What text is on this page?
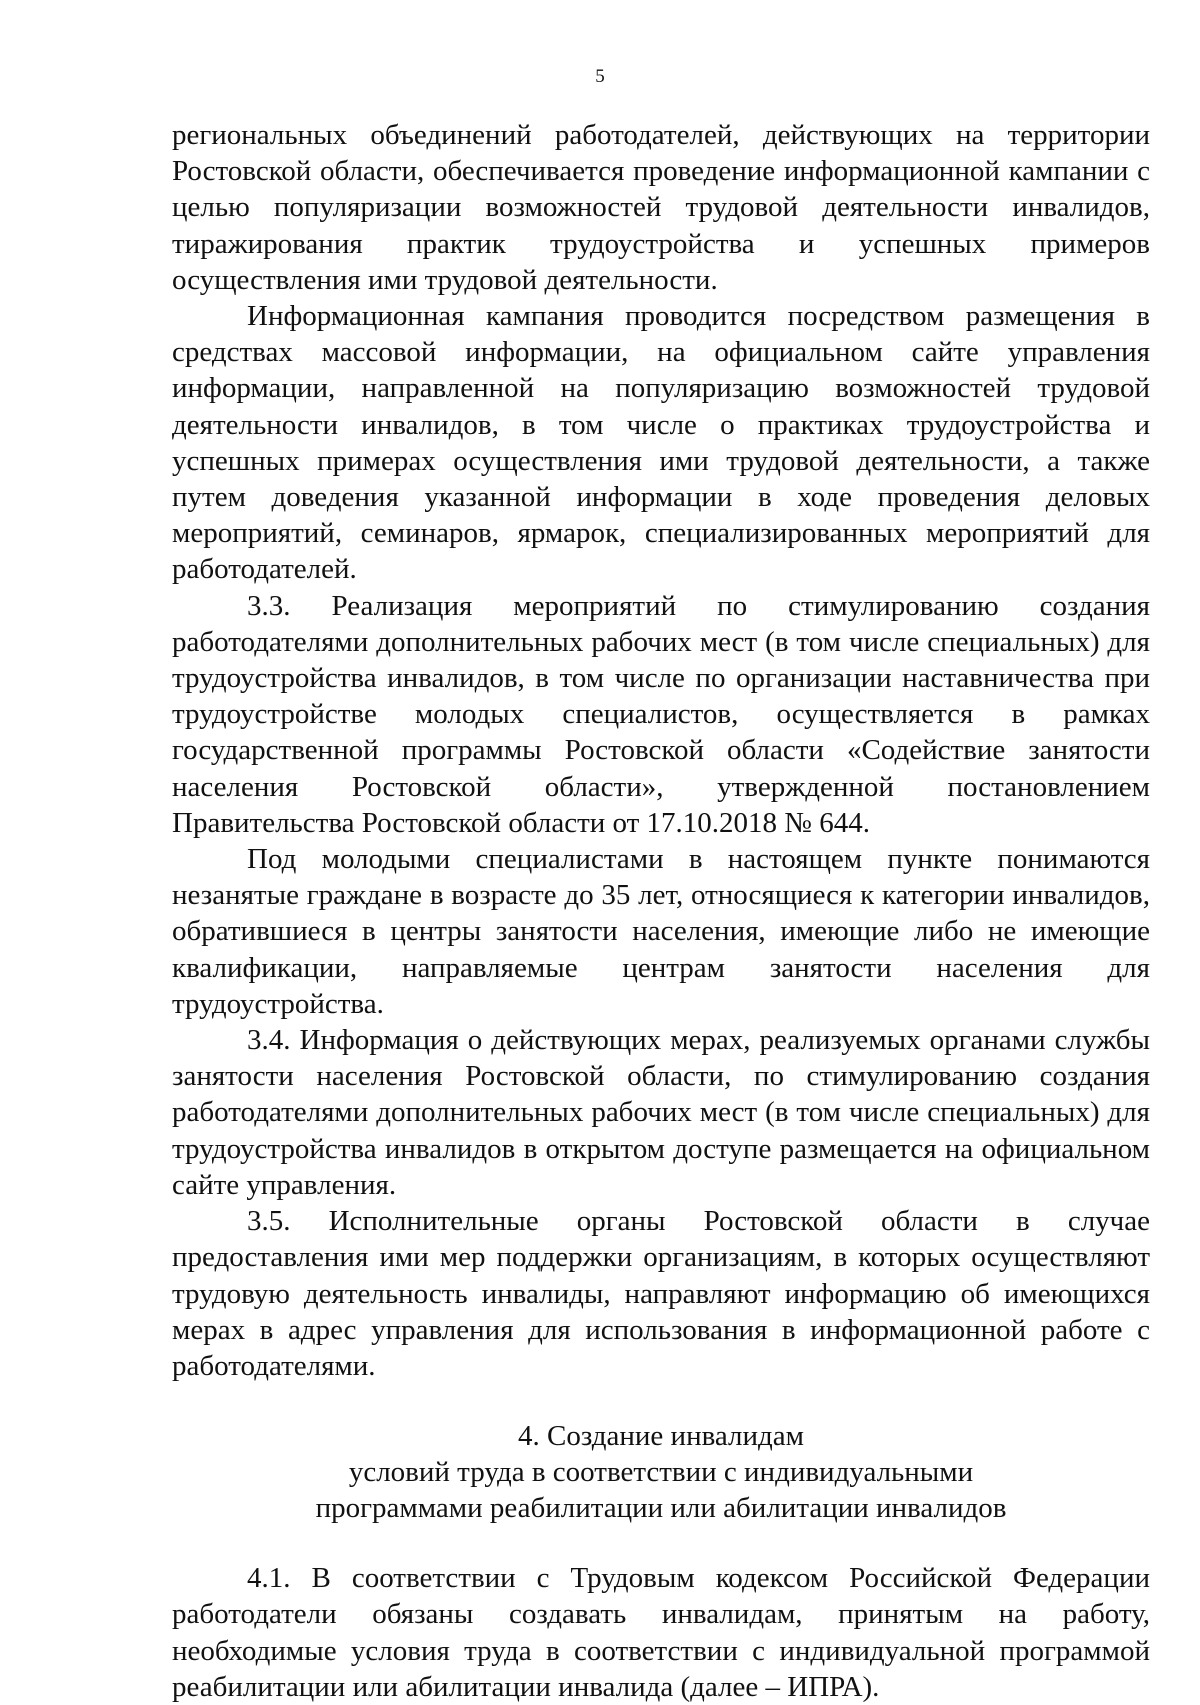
5

региональных объединений работодателей, действующих на территории Ростовской области, обеспечивается проведение информационной кампании с целью популяризации возможностей трудовой деятельности инвалидов, тиражирования практик трудоустройства и успешных примеров осуществления ими трудовой деятельности.

Информационная кампания проводится посредством размещения в средствах массовой информации, на официальном сайте управления информации, направленной на популяризацию возможностей трудовой деятельности инвалидов, в том числе о практиках трудоустройства и успешных примерах осуществления ими трудовой деятельности, а также путем доведения указанной информации в ходе проведения деловых мероприятий, семинаров, ярмарок, специализированных мероприятий для работодателей.

3.3. Реализация мероприятий по стимулированию создания работодателями дополнительных рабочих мест (в том числе специальных) для трудоустройства инвалидов, в том числе по организации наставничества при трудоустройстве молодых специалистов, осуществляется в рамках государственной программы Ростовской области «Содействие занятости населения Ростовской области», утвержденной постановлением Правительства Ростовской области от 17.10.2018 № 644.

Под молодыми специалистами в настоящем пункте понимаются незанятые граждане в возрасте до 35 лет, относящиеся к категории инвалидов, обратившиеся в центры занятости населения, имеющие либо не имеющие квалификации, направляемые центрам занятости населения для трудоустройства.

3.4. Информация о действующих мерах, реализуемых органами службы занятости населения Ростовской области, по стимулированию создания работодателями дополнительных рабочих мест (в том числе специальных) для трудоустройства инвалидов в открытом доступе размещается на официальном сайте управления.

3.5. Исполнительные органы Ростовской области в случае предоставления ими мер поддержки организациям, в которых осуществляют трудовую деятельность инвалиды, направляют информацию об имеющихся мерах в адрес управления для использования в информационной работе с работодателями.

4. Создание инвалидам
условий труда в соответствии с индивидуальными
программами реабилитации или абилитации инвалидов

4.1. В соответствии с Трудовым кодексом Российской Федерации работодатели обязаны создавать инвалидам, принятым на работу, необходимые условия труда в соответствии с индивидуальной программой реабилитации или абилитации инвалида (далее – ИПРА).
